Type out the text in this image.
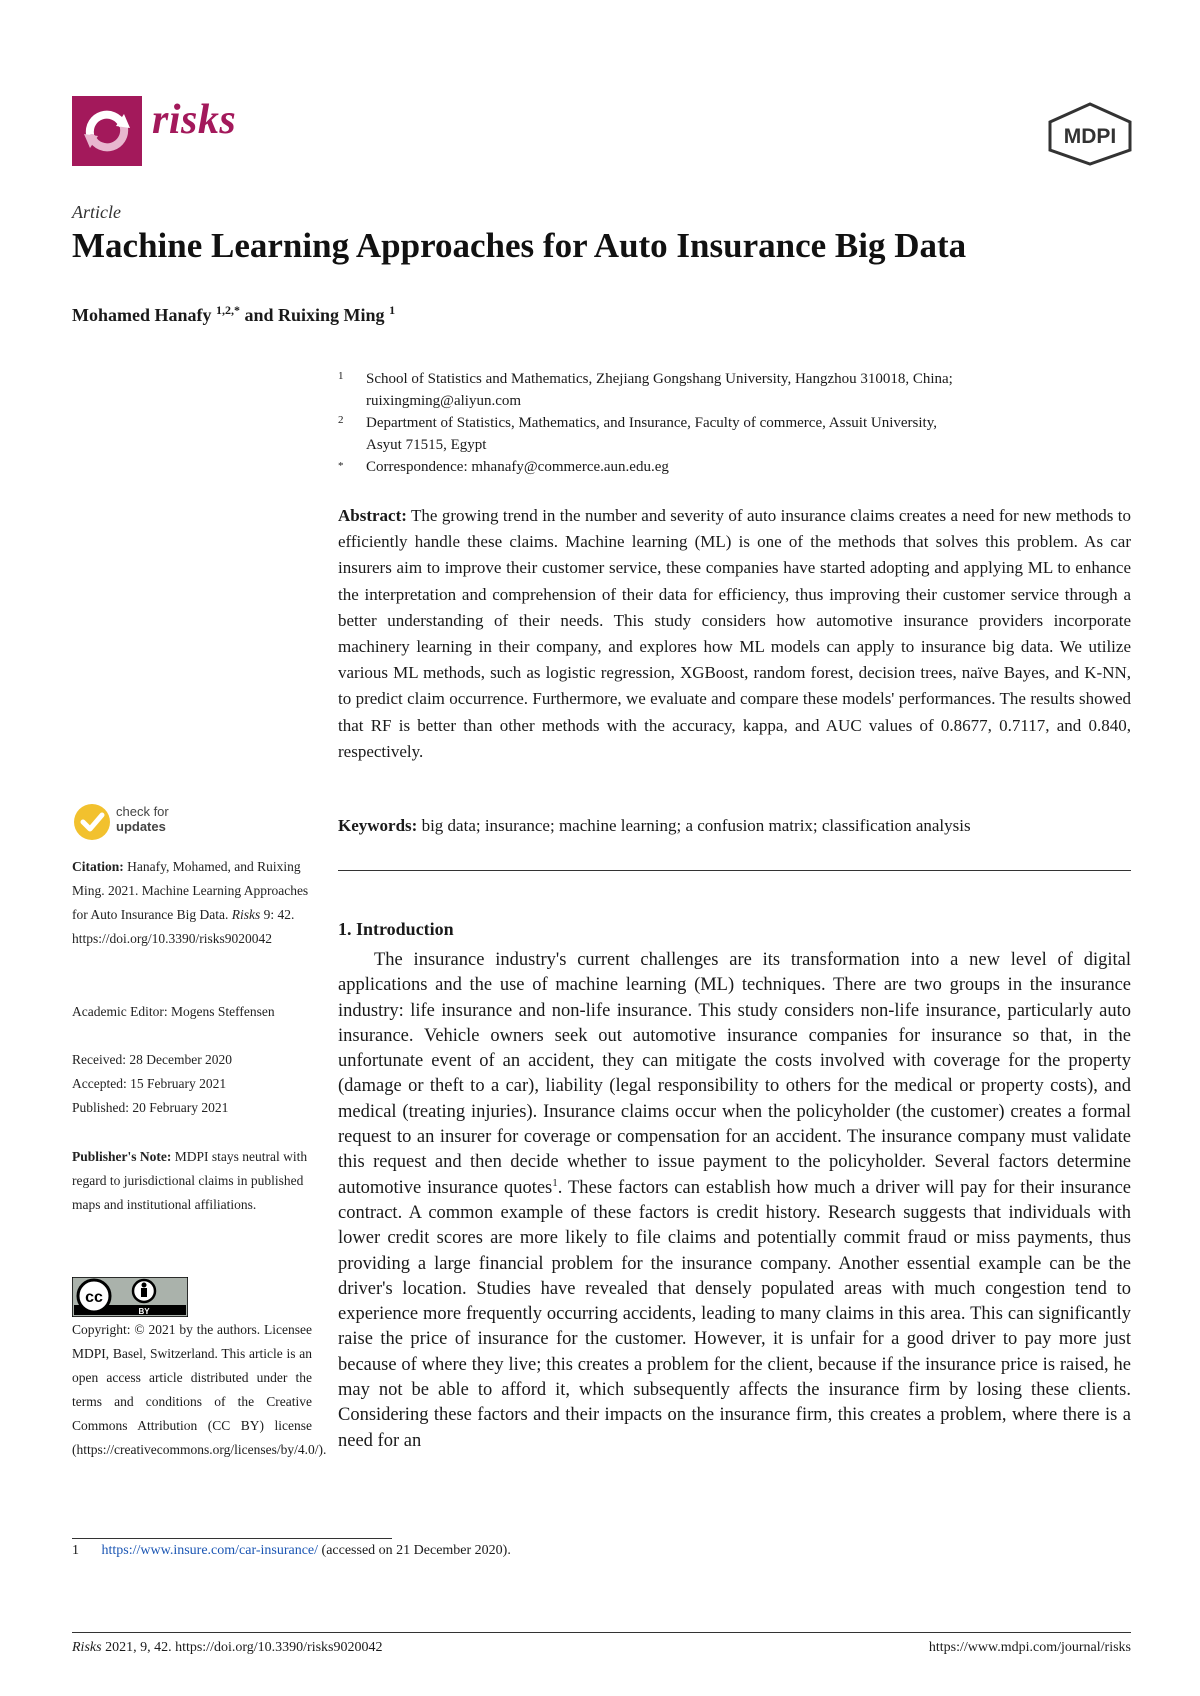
risks	MDPI
Article
Machine Learning Approaches for Auto Insurance Big Data
Mohamed Hanafy $^{1,2,*}$ and Ruixing Ming $^1$
1 School of Statistics and Mathematics, Zhejiang Gongshang University, Hangzhou 310018, China;
ruixingming@aliyun.com
2 Department of Statistics, Mathematics, and Insurance, Faculty of commerce, Assuit University,
Asyut 71515, Egypt
* Correspondence: mhanafy@commerce.aun.edu.eg
Abstract: The growing trend in the number and severity of auto insurance claims creates a need for new methods to efficiently handle these claims. Machine learning (ML) is one of the methods that solves this problem. As car insurers aim to improve their customer service, these companies have started adopting and applying ML to enhance the interpretation and comprehension of their data for efficiency, thus improving their customer service through a better understanding of their needs. This study considers how automotive insurance providers incorporate machinery learning in their company, and explores how ML models can apply to insurance big data. We utilize various ML methods, such as logistic regression, XGBoost, random forest, decision trees, naïve Bayes, and K-NN, to predict claim occurrence. Furthermore, we evaluate and compare these models' performances. The results showed that RF is better than other methods with the accuracy, kappa, and AUC values of 0.8677, 0.7117, and 0.840, respectively.
Keywords: big data; insurance; machine learning; a confusion matrix; classification analysis
1. Introduction
The insurance industry's current challenges are its transformation into a new level of digital applications and the use of machine learning (ML) techniques. There are two groups in the insurance industry: life insurance and non-life insurance. This study considers non-life insurance, particularly auto insurance. Vehicle owners seek out automotive insurance companies for insurance so that, in the unfortunate event of an accident, they can mitigate the costs involved with coverage for the property (damage or theft to a car), liability (legal responsibility to others for the medical or property costs), and medical (treating injuries). Insurance claims occur when the policyholder (the customer) creates a formal request to an insurer for coverage or compensation for an accident. The insurance company must validate this request and then decide whether to issue payment to the policyholder. Several factors determine automotive insurance quotes$^1$. These factors can establish how much a driver will pay for their insurance contract. A common example of these factors is credit history. Research suggests that individuals with lower credit scores are more likely to file claims and potentially commit fraud or miss payments, thus providing a large financial problem for the insurance company. Another essential example can be the driver's location. Studies have revealed that densely populated areas with much congestion tend to experience more frequently occurring accidents, leading to many claims in this area. This can significantly raise the price of insurance for the customer. However, it is unfair for a good driver to pay more just because of where they live; this creates a problem for the client, because if the insurance price is raised, he may not be able to afford it, which subsequently affects the insurance firm by losing these clients. Considering these factors and their impacts on the insurance firm, this creates a problem, where there is a need for an
check for
updates
Citation: Hanafy, Mohamed, and Ruixing Ming. 2021. Machine Learning Approaches for Auto Insurance Big Data. Risks 9: 42. https://doi.org/10.3390/risks9020042
Academic Editor: Mogens Steffensen
Received: 28 December 2020
Accepted: 15 February 2021
Published: 20 February 2021
Publisher's Note: MDPI stays neutral with regard to jurisdictional claims in published maps and institutional affiliations.
cc
BY
Copyright: © 2021 by the authors. Licensee MDPI, Basel, Switzerland. This article is an open access article distributed under the terms and conditions of the Creative Commons Attribution (CC BY) license (https://creativecommons.org/licenses/by/4.0/).
1 https://www.insure.com/car-insurance/ (accessed on 21 December 2020).
Risks 2021, 9, 42. https://doi.org/10.3390/risks9020042	https://www.mdpi.com/journal/risks
